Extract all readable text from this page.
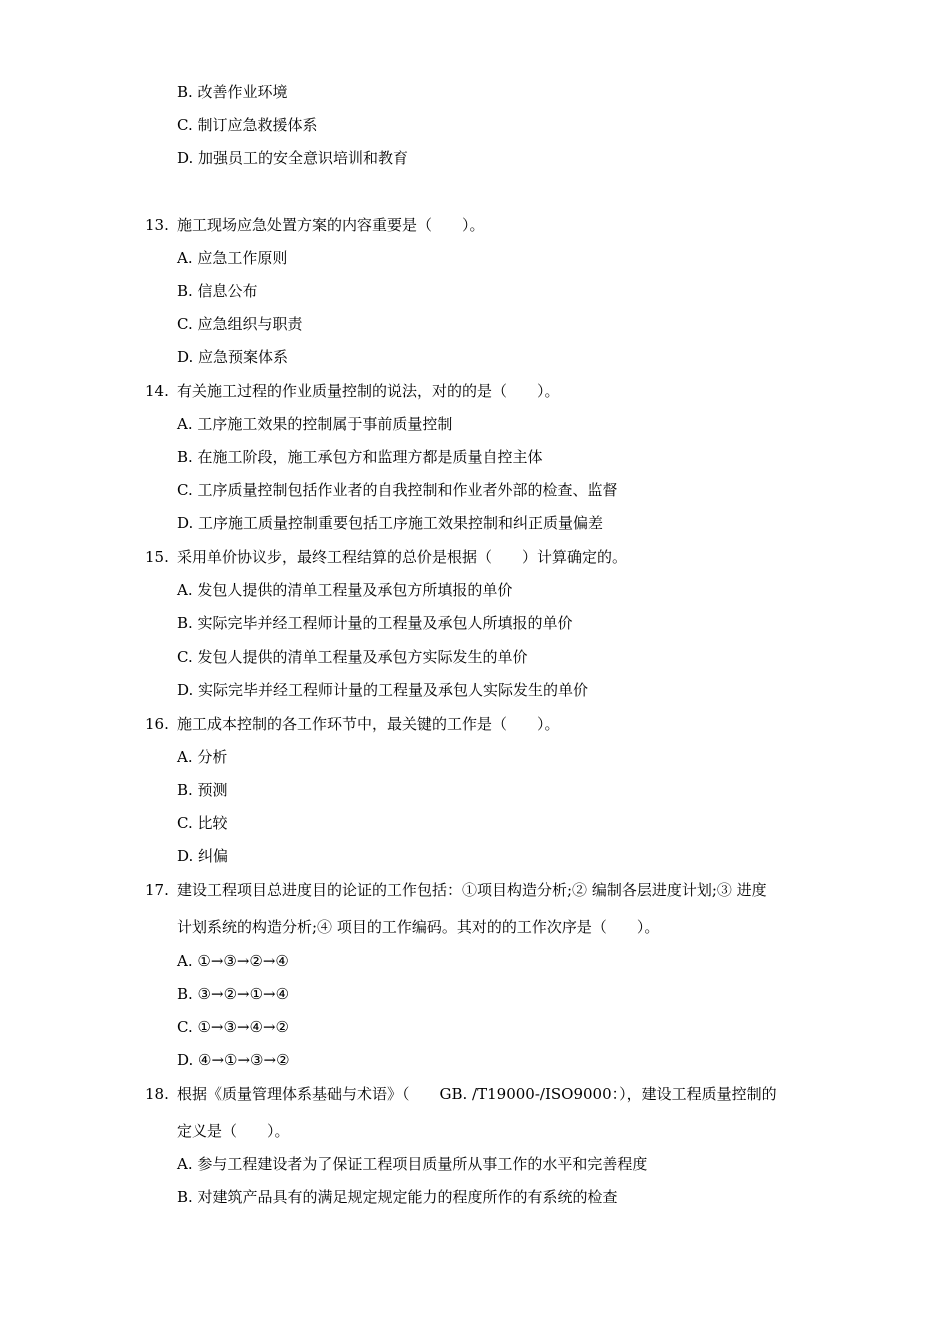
B. 改善作业环境
C. 制订应急救援体系
D. 加强员工的安全意识培训和教育
13. 施工现场应急处置方案的内容重要是（　　）。
A. 应急工作原则
B. 信息公布
C. 应急组织与职责
D. 应急预案体系
14. 有关施工过程的作业质量控制的说法，对的的是（　　）。
A. 工序施工效果的控制属于事前质量控制
B. 在施工阶段，施工承包方和监理方都是质量自控主体
C. 工序质量控制包括作业者的自我控制和作业者外部的检查、监督
D. 工序施工质量控制重要包括工序施工效果控制和纠正质量偏差
15. 采用单价协议步，最终工程结算的总价是根据（　　）计算确定的。
A. 发包人提供的清单工程量及承包方所填报的单价
B. 实际完毕并经工程师计量的工程量及承包人所填报的单价
C. 发包人提供的清单工程量及承包方实际发生的单价
D. 实际完毕并经工程师计量的工程量及承包人实际发生的单价
16. 施工成本控制的各工作环节中，最关键的工作是（　　）。
A. 分析
B. 预测
C. 比较
D. 纠偏
17. 建设工程项目总进度目的论证的工作包括：①项目构造分析;② 编制各层进度计划;③ 进度
计划系统的构造分析;④ 项目的工作编码。其对的的工作次序是（　　）。
A. ①→③→②→④
B. ③→②→①→④
C. ①→③→④→②
D. ④→①→③→②
18. 根据《质量管理体系基础与术语》（　　GB. /T19000-/ISO9000：），建设工程质量控制的
定义是（　　）。
A. 参与工程建设者为了保证工程项目质量所从事工作的水平和完善程度
B. 对建筑产品具有的满足规定规定能力的程度所作的有系统的检查
